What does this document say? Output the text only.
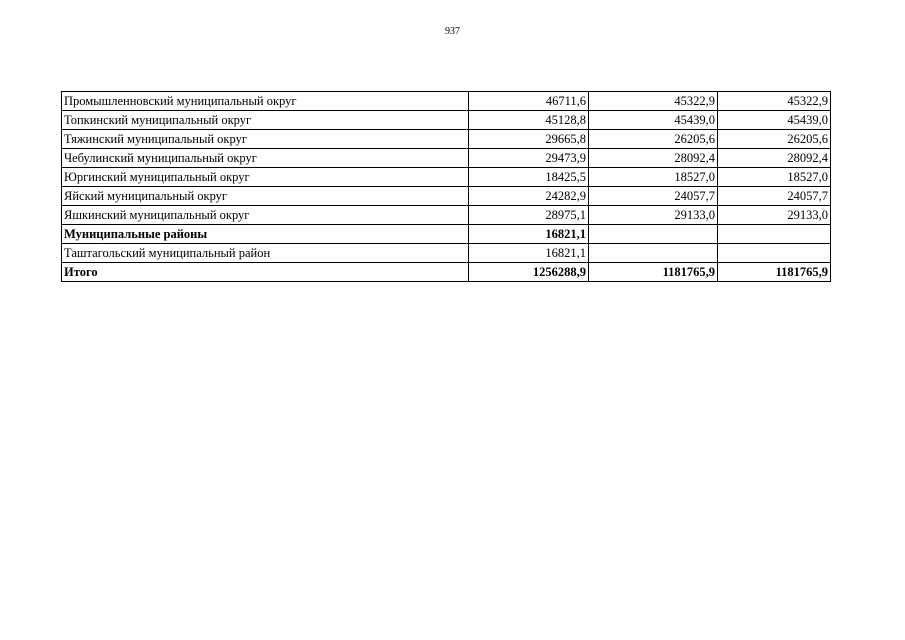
937
Промышленновский муниципальный округ	46711,6	45322,9	45322,9
Топкинский муниципальный округ	45128,8	45439,0	45439,0
Тяжинский муниципальный округ	29665,8	26205,6	26205,6
Чебулинский муниципальный округ	29473,9	28092,4	28092,4
Юргинский муниципальный округ	18425,5	18527,0	18527,0
Яйский муниципальный округ	24282,9	24057,7	24057,7
Яшкинский муниципальный округ	28975,1	29133,0	29133,0
Муниципальные районы	16821,1		
Таштагольский муниципальный район	16821,1		
Итого	1256288,9	1181765,9	1181765,9
